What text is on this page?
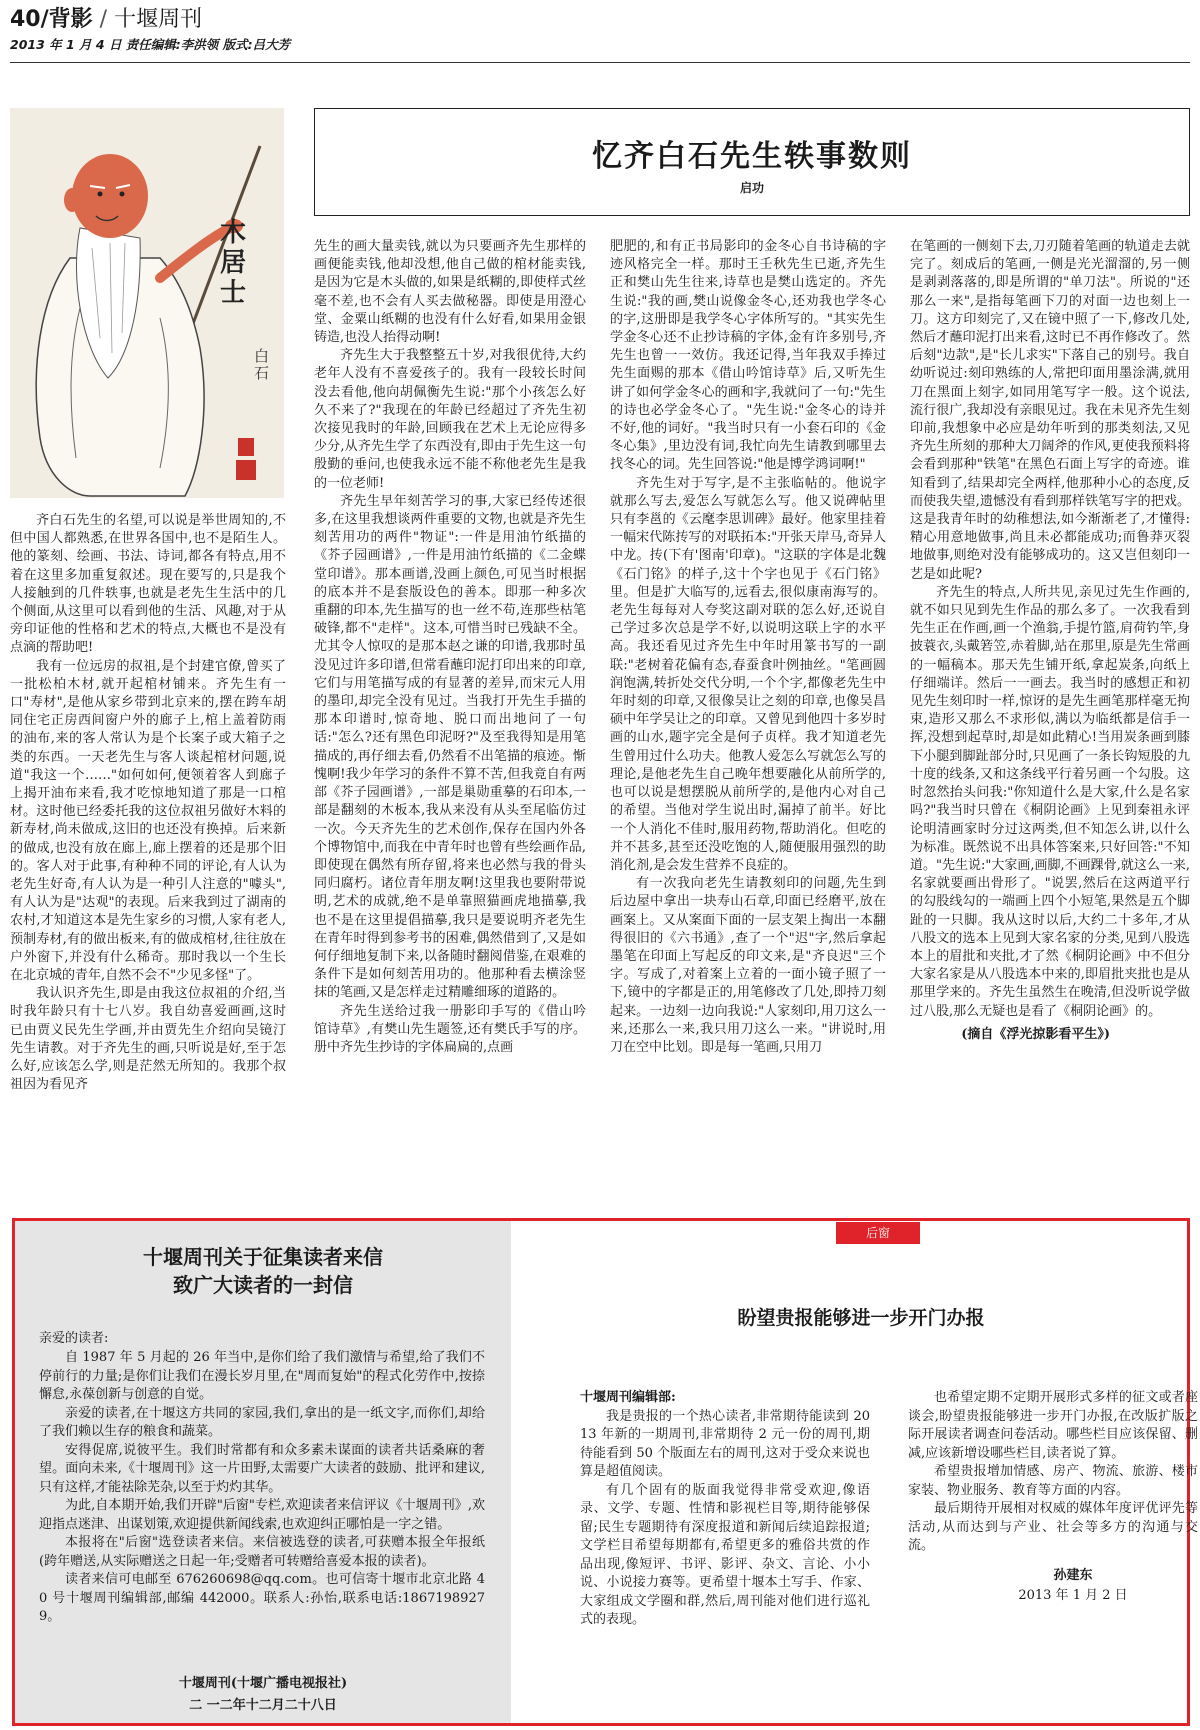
40/背影 / 十堰周刊
2013 年 1 月 4 日 责任编辑:李洪领 版式:吕大芳
木居士
白石
忆齐白石先生轶事数则
启功

齐白石先生的名望,可以说是举世周知的,不但中国人都熟悉,在世界各国中,也不是陌生人。他的篆刻、绘画、书法、诗词,都各有特点,用不着在这里多加重复叙述。现在要写的,只是我个人接触到的几件轶事,也就是老先生生活中的几个侧面,从这里可以看到他的生活、风趣,对于从旁印证他的性格和艺术的特点,大概也不是没有点滴的帮助吧!

我有一位远房的叔祖,是个封建官僚,曾买了一批松柏木材,就开起棺材铺来。齐先生有一口"寿材",是他从家乡带到北京来的,摆在跨车胡同住宅正房西间窗户外的廊子上,棺上盖着防雨的油布,来的客人常认为是个长案子或大箱子之类的东西。一天老先生与客人谈起棺材问题,说道"我这一个……"如何如何,便领着客人到廊子上揭开油布来看,我才吃惊地知道了那是一口棺材。这时他已经委托我的这位叔祖另做好木料的新寿材,尚未做成,这旧的也还没有换掉。后来新的做成,也没有放在廊上,廊上摆着的还是那个旧的。客人对于此事,有种种不同的评论,有人认为老先生好奇,有人认为是一种引人注意的"噱头",有人认为是"达观"的表现。后来我到过了湖南的农村,才知道这本是先生家乡的习惯,人家有老人,预制寿材,有的做出板来,有的做成棺材,往往放在户外窗下,并没有什么稀奇。那时我以一个生长在北京城的青年,自然不会不"少见多怪"了。

我认识齐先生,即是由我这位叔祖的介绍,当时我年龄只有十七八岁。我自幼喜爱画画,这时已由贾义民先生学画,并由贾先生介绍向吴镜汀先生请教。对于齐先生的画,只听说是好,至于怎么好,应该怎么学,则是茫然无所知的。我那个叔祖因为看见齐

先生的画大量卖钱,就以为只要画齐先生那样的画便能卖钱,他却没想,他自己做的棺材能卖钱,是因为它是木头做的,如果是纸糊的,即使样式丝毫不差,也不会有人买去做秘器。即使是用澄心堂、金粟山纸糊的也没有什么好看,如果用金银铸造,也没人抬得动啊!

齐先生大于我整整五十岁,对我很优待,大约老年人没有不喜爱孩子的。我有一段较长时间没去看他,他向胡佩衡先生说:"那个小孩怎么好久不来了?"我现在的年龄已经超过了齐先生初次接见我时的年龄,回顾我在艺术上无论应得多少分,从齐先生学了东西没有,即由于先生这一句殷勤的垂问,也使我永远不能不称他老先生是我的一位老师!

齐先生早年刻苦学习的事,大家已经传述很多,在这里我想谈两件重要的文物,也就是齐先生刻苦用功的两件"物证":一件是用油竹纸描的《芥子园画谱》,一件是用油竹纸描的《二金蝶堂印谱》。那本画谱,没画上颜色,可见当时根据的底本并不是套版设色的善本。即那一种多次重翻的印本,先生描写的也一丝不苟,连那些枯笔破锋,都不"走样"。这本,可惜当时已残缺不全。尤其令人惊叹的是那本赵之谦的印谱,我那时虽没见过许多印谱,但常看蘸印泥打印出来的印章,它们与用笔描写成的有显著的差异,而宋元人用的墨印,却完全没有见过。当我打开先生手描的那本印谱时,惊奇地、脱口而出地问了一句话:"怎么?还有黑色印泥呀?"及至我得知是用笔描成的,再仔细去看,仍然看不出笔描的痕迹。惭愧啊!我少年学习的条件不算不苦,但我竟自有两部《芥子园画谱》,一部是巢勋重摹的石印本,一部是翻刻的木板本,我从来没有从头至尾临仿过一次。今天齐先生的艺术创作,保存在国内外各个博物馆中,而我在中青年时也曾有些绘画作品,即使现在偶然有所存留,将来也必然与我的骨头同归腐朽。诸位青年朋友啊!这里我也要附带说明,艺术的成就,绝不是单靠照猫画虎地描摹,我也不是在这里提倡描摹,我只是要说明齐老先生在青年时得到参考书的困难,偶然借到了,又是如何仔细地复制下来,以备随时翻阅借鉴,在艰难的条件下是如何刻苦用功的。他那种看去横涂竖抹的笔画,又是怎样走过精雕细琢的道路的。

齐先生送给过我一册影印手写的《借山吟馆诗草》,有樊山先生题签,还有樊氏手写的序。册中齐先生抄诗的字体扁扁的,点画

肥肥的,和有正书局影印的金冬心自书诗稿的字迹风格完全一样。那时王壬秋先生已逝,齐先生正和樊山先生往来,诗草也是樊山选定的。齐先生说:"我的画,樊山说像金冬心,还劝我也学冬心的字,这册即是我学冬心字体所写的。"其实先生学金冬心还不止抄诗稿的字体,金有许多别号,齐先生也曾一一效仿。我还记得,当年我双手捧过先生面赐的那本《借山吟馆诗草》后,又听先生讲了如何学金冬心的画和字,我就问了一句:"先生的诗也必学金冬心了。"先生说:"金冬心的诗并不好,他的词好。"我当时只有一小套石印的《金冬心集》,里边没有词,我忙向先生请教到哪里去找冬心的词。先生回答说:"他是博学鸿词啊!"

齐先生对于写字,是不主张临帖的。他说字就那么写去,爱怎么写就怎么写。他又说碑帖里只有李邕的《云麾李思训碑》最好。他家里挂着一幅宋代陈抟写的对联拓本:"开张天岸马,奇异人中龙。抟(下有'图南'印章)。"这联的字体是北魏《石门铭》的样子,这十个字也见于《石门铭》里。但是扩大临写的,远看去,很似康南海写的。老先生每每对人夸奖这副对联的怎么好,还说自己学过多次总是学不好,以说明这联上字的水平高。我还看见过齐先生中年时用篆书写的一副联:"老树着花偏有态,春蚕食叶例抽丝。"笔画圆润饱满,转折处交代分明,一个个字,都像老先生中年时刻的印章,又很像吴让之刻的印章,也像吴昌硕中年学吴让之的印章。又曾见到他四十多岁时画的山水,题字完全是何子贞样。我才知道老先生曾用过什么功夫。他教人爱怎么写就怎么写的理论,是他老先生自己晚年想要融化从前所学的,也可以说是想摆脱从前所学的,是他内心对自己的希望。当他对学生说出时,漏掉了前半。好比一个人消化不佳时,服用药物,帮助消化。但吃的并不甚多,甚至还没吃饱的人,随便服用强烈的助消化剂,是会发生营养不良症的。

有一次我向老先生请教刻印的问题,先生到后边屋中拿出一块寿山石章,印面已经磨平,放在画案上。又从案面下面的一层支架上掏出一本翻得很旧的《六书通》,查了一个"迟"字,然后拿起墨笔在印面上写起反的印文来,是"齐良迟"三个字。写成了,对着案上立着的一面小镜子照了一下,镜中的字都是正的,用笔修改了几处,即持刀刻起来。一边刻一边向我说:"人家刻印,用刀这么一来,还那么一来,我只用刀这么一来。"讲说时,用刀在空中比划。即是每一笔画,只用刀

在笔画的一侧刻下去,刀刃随着笔画的轨道走去就完了。刻成后的笔画,一侧是光光溜溜的,另一侧是剥剥落落的,即是所谓的"单刀法"。所说的"还那么一来",是指每笔画下刀的对面一边也刻上一刀。这方印刻完了,又在镜中照了一下,修改几处,然后才蘸印泥打出来看,这时已不再作修改了。然后刻"边款",是"长儿求实"下落自己的别号。我自幼听说过:刻印熟练的人,常把印面用墨涂满,就用刀在黑面上刻字,如同用笔写字一般。这个说法,流行很广,我却没有亲眼见过。我在未见齐先生刻印前,我想象中必应是幼年听到的那类刻法,又见齐先生所刻的那种大刀阔斧的作风,更使我预料将会看到那种"铁笔"在黑色石面上写字的奇迹。谁知看到了,结果却完全两样,他那种小心的态度,反而使我失望,遗憾没有看到那样铁笔写字的把戏。这是我青年时的幼稚想法,如今渐渐老了,才懂得:精心用意地做事,尚且未必都能成功;而鲁莽灭裂地做事,则绝对没有能够成功的。这又岂但刻印一艺是如此呢?

齐先生的特点,人所共见,亲见过先生作画的,就不如只见到先生作品的那么多了。一次我看到先生正在作画,画一个渔翁,手提竹篮,肩荷钓竿,身披蓑衣,头戴箬笠,赤着脚,站在那里,原是先生常画的一幅稿本。那天先生铺开纸,拿起炭条,向纸上仔细端详。然后一一画去。我当时的感想正和初见先生刻印时一样,惊讶的是先生画笔那样毫无拘束,造形又那么不求形似,满以为临纸都是信手一挥,没想到起草时,却是如此精心!当用炭条画到膝下小腿到脚趾部分时,只见画了一条长钩短股的九十度的线条,又和这条线平行着另画一个勾股。这时忽然抬头问我:"你知道什么是大家,什么是名家吗?"我当时只曾在《桐阴论画》上见到秦祖永评论明清画家时分过这两类,但不知怎么讲,以什么为标准。既然说不出具体答案来,只好回答:"不知道。"先生说:"大家画,画脚,不画踝骨,就这么一来,名家就要画出骨形了。"说罢,然后在这两道平行的勾股线勾的一端画上四个小短笔,果然是五个脚趾的一只脚。我从这时以后,大约二十多年,才从八股文的选本上见到大家名家的分类,见到八股选本上的眉批和夹批,才了然《桐阴论画》中不但分大家名家是从八股选本中来的,即眉批夹批也是从那里学来的。齐先生虽然生在晚清,但没听说学做过八股,那么无疑也是看了《桐阴论画》的。

(摘自《浮光掠影看平生》)
后窗
十堰周刊关于征集读者来信
致广大读者的一封信
亲爱的读者:

自 1987 年 5 月起的 26 年当中,是你们给了我们激情与希望,给了我们不停前行的力量;是你们让我们在漫长岁月里,在"周而复始"的程式化劳作中,按捺懈怠,永葆创新与创意的自觉。

亲爱的读者,在十堰这方共同的家园,我们,拿出的是一纸文字,而你们,却给了我们赖以生存的粮食和蔬菜。

安得促席,说彼平生。我们时常都有和众多素未谋面的读者共话桑麻的奢望。面向未来,《十堰周刊》这一片田野,太需要广大读者的鼓励、批评和建议,只有这样,才能祛除芜杂,以至于灼灼其华。

为此,自本期开始,我们开辟"后窗"专栏,欢迎读者来信评议《十堰周刊》,欢迎指点迷津、出谋划策,欢迎提供新闻线索,也欢迎纠正哪怕是一字之错。

本报将在"后窗"选登读者来信。来信被选登的读者,可获赠本报全年报纸(跨年赠送,从实际赠送之日起一年;受赠者可转赠给喜爱本报的读者)。

读者来信可电邮至 676260698@qq.com。也可信寄十堰市北京北路 40 号十堰周刊编辑部,邮编 442000。联系人:孙怡,联系电话:18671989279。

十堰周刊(十堰广播电视报社)
二 一二年十二月二十八日
盼望贵报能够进一步开门办报
十堰周刊编辑部:

我是贵报的一个热心读者,非常期待能读到 2013 年新的一期周刊,非常期待 2 元一份的周刊,期待能看到 50 个版面左右的周刊,这对于受众来说也算是超值阅读。

有几个固有的版面我觉得非常受欢迎,像语录、文学、专题、性情和影视栏目等,期待能够保留;民生专题期待有深度报道和新闻后续追踪报道;文学栏目希望每期都有,希望更多的雅俗共赏的作品出现,像短评、书评、影评、杂文、言论、小小说、小说接力赛等。更希望十堰本土写手、作家、大家组成文学圈和群,然后,周刊能对他们进行巡礼式的表现。

也希望定期不定期开展形式多样的征文或者座谈会,盼望贵报能够进一步开门办报,在改版扩版之际开展读者调查问卷活动。哪些栏目应该保留、删减,应该新增设哪些栏目,读者说了算。

希望贵报增加情感、房产、物流、旅游、楼市家装、物业服务、教育等方面的内容。

最后期待开展相对权威的媒体年度评优评先等活动,从而达到与产业、社会等多方的沟通与交流。

孙建东
2013 年 1 月 2 日
